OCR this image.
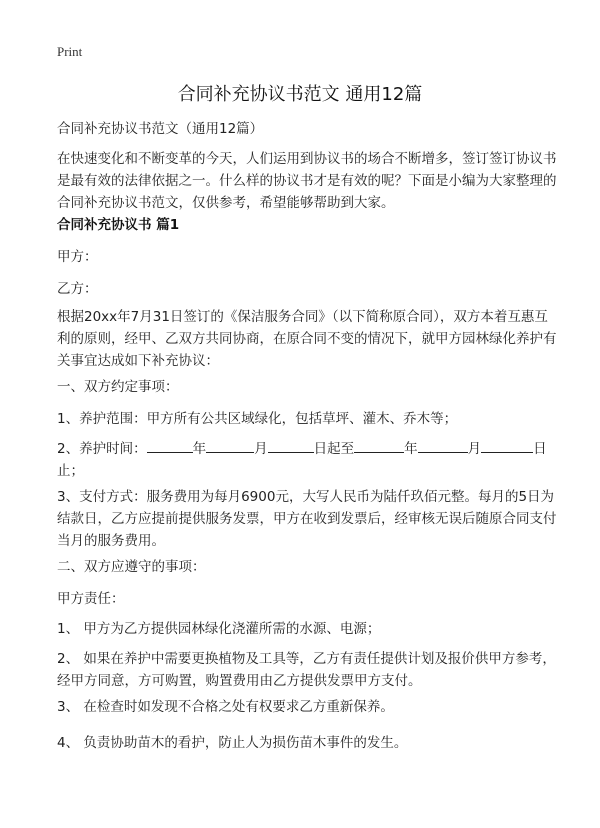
Print
合同补充协议书范文 通用12篇

合同补充协议书范文（通用12篇）

在快速变化和不断变革的今天，人们运用到协议书的场合不断增多，签订签订协议书是最有效的法律依据之一。什么样的协议书才是有效的呢？下面是小编为大家整理的合同补充协议书范文，仅供参考，希望能够帮助到大家。

合同补充协议书 篇1

甲方：

乙方：

根据20xx年7月31日签订的《保洁服务合同》（以下简称原合同），双方本着互惠互利的原则，经甲、乙双方共同协商，在原合同不变的情况下，就甲方园林绿化养护有关事宜达成如下补充协议：

一、双方约定事项：

1、养护范围：甲方所有公共区域绿化，包括草坪、灌木、乔木等；

2、养护时间：	年	月	日起至	年	月	日止；

3、支付方式：服务费用为每月6900元，大写人民币为陆仟玖佰元整。每月的5日为结款日，乙方应提前提供服务发票，甲方在收到发票后，经审核无误后随原合同支付当月的服务费用。

二、双方应遵守的事项：

甲方责任：

1、 甲方为乙方提供园林绿化浇灌所需的水源、电源；

2、 如果在养护中需要更换植物及工具等，乙方有责任提供计划及报价供甲方参考，经甲方同意，方可购置，购置费用由乙方提供发票甲方支付。

3、 在检查时如发现不合格之处有权要求乙方重新保养。

4、 负责协助苗木的看护，防止人为损伤苗木事件的发生。
